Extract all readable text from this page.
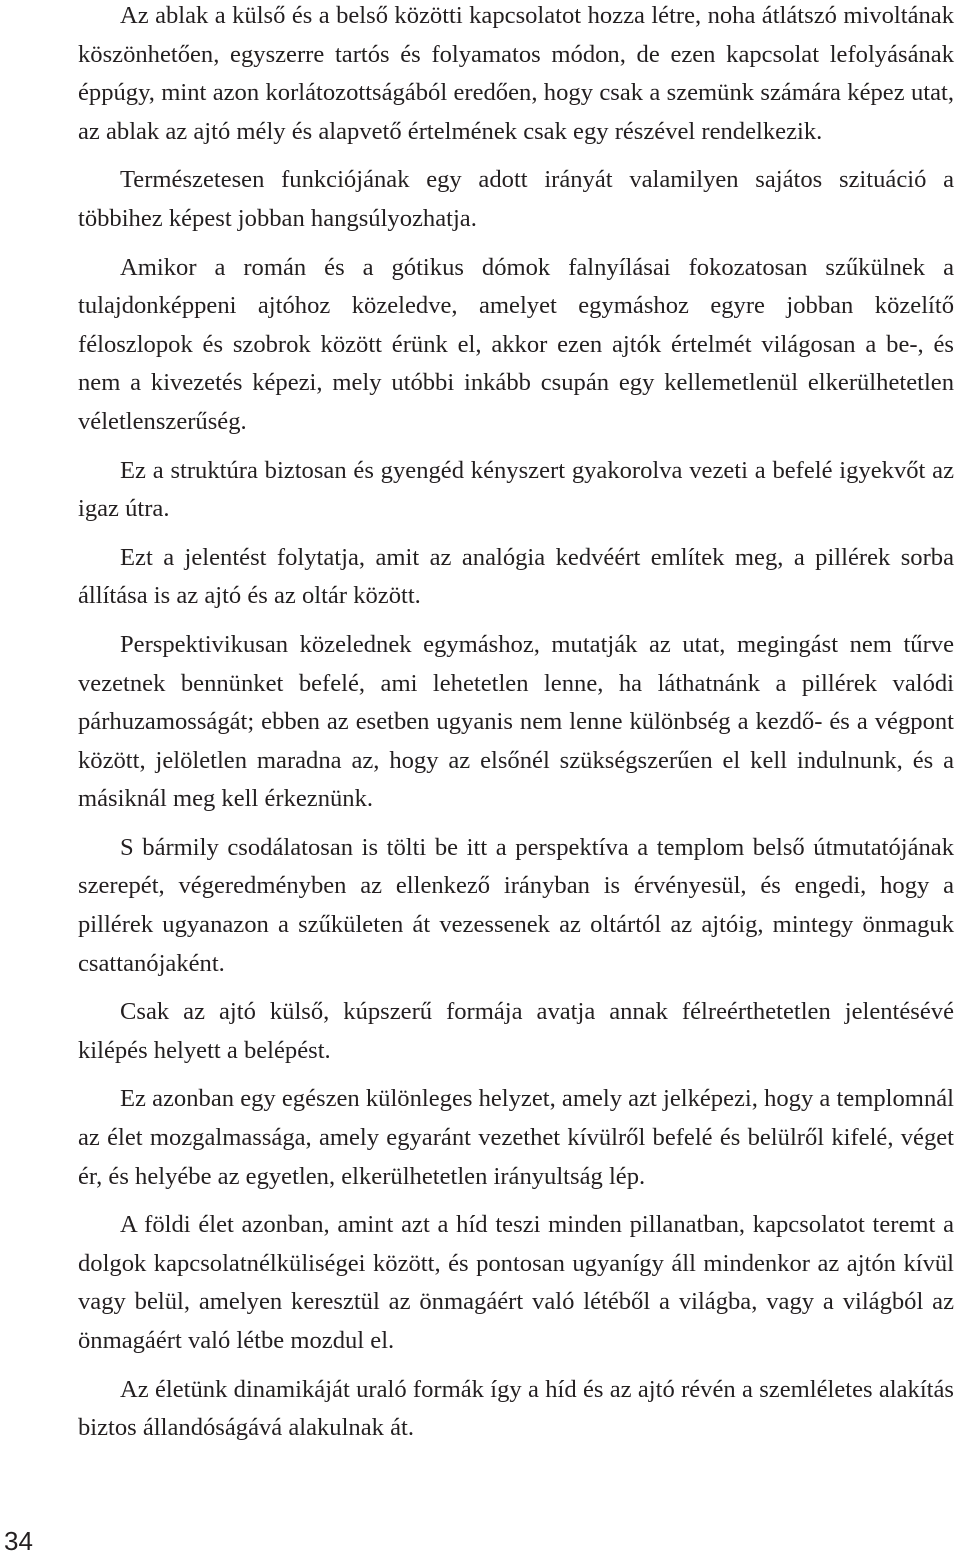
Az ablak a külső és a belső közötti kapcsolatot hozza létre, noha átlátszó mivoltának köszönhetően, egyszerre tartós és folyamatos módon, de ezen kapcsolat lefolyásának éppúgy, mint azon korlátozottságából eredően, hogy csak a szemünk számára képez utat, az ablak az ajtó mély és alapvető értelmének csak egy részével rendelkezik.

Természetesen funkciójának egy adott irányát valamilyen sajátos szituáció a többihez képest jobban hangsúlyozhatja.

Amikor a román és a gótikus dómok falnyílásai fokozatosan szűkülnek a tulajdonképpeni ajtóhoz közeledve, amelyet egymáshoz egyre jobban közelítő féloszlopok és szobrok között érünk el, akkor ezen ajtók értelmét világosan a be-, és nem a kivezetés képezi, mely utóbbi inkább csupán egy kellemetlenül elkerülhetetlen véletlenszerűség.

Ez a struktúra biztosan és gyengéd kényszert gyakorolva vezeti a befelé igyekvőt az igaz útra.

Ezt a jelentést folytatja, amit az analógia kedvéért említek meg, a pillérek sorba állítása is az ajtó és az oltár között.

Perspektivikusan közelednek egymáshoz, mutatják az utat, megingást nem tűrve vezetnek bennünket befelé, ami lehetetlen lenne, ha láthatnánk a pillérek valódi párhuzamosságát; ebben az esetben ugyanis nem lenne különbség a kezdő- és a végpont között, jelöletlen maradna az, hogy az elsőnél szükségszerűen el kell indulnunk, és a másiknál meg kell érkeznünk.

S bármily csodálatosan is tölti be itt a perspektíva a templom belső útmutatójának szerepét, végeredményben az ellenkező irányban is érvényesül, és engedi, hogy a pillérek ugyanazon a szűkületen át vezessenek az oltártól az ajtóig, mintegy önmaguk csattanójaként.

Csak az ajtó külső, kúpszerű formája avatja annak félreérthetetlen jelentésévé kilépés helyett a belépést.

Ez azonban egy egészen különleges helyzet, amely azt jelképezi, hogy a templomnál az élet mozgalmassága, amely egyaránt vezethet kívülről befelé és belülről kifelé, véget ér, és helyébe az egyetlen, elkerülhetetlen irányultság lép.

A földi élet azonban, amint azt a híd teszi minden pillanatban, kapcsolatot teremt a dolgok kapcsolatnélküliségei között, és pontosan ugyanígy áll mindenkor az ajtón kívül vagy belül, amelyen keresztül az önmagáért való létéből a világba, vagy a világból az önmagáért való létbe mozdul el.

Az életünk dinamikáját uraló formák így a híd és az ajtó révén a szemléletes alakítás biztos állandóságává alakulnak át.

34
